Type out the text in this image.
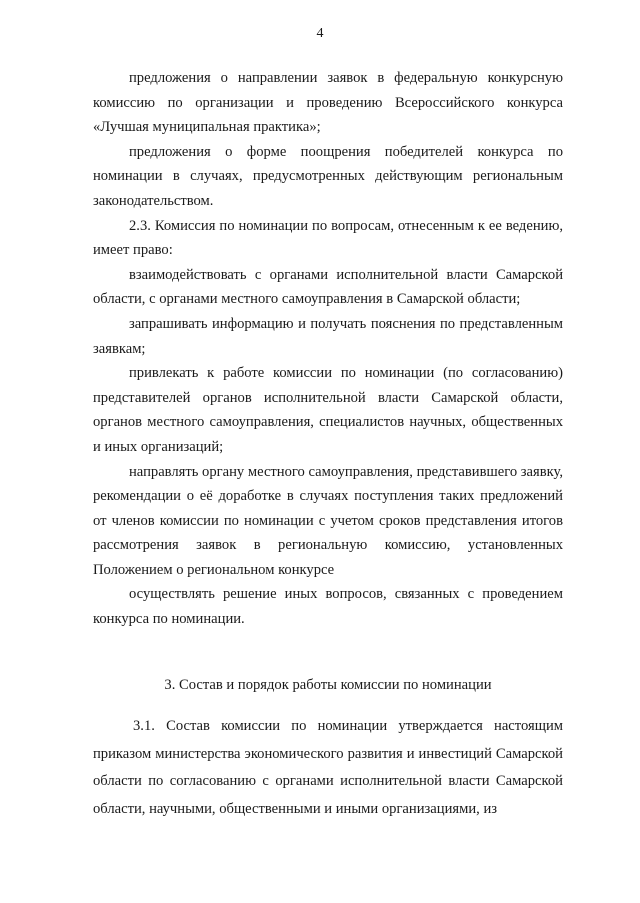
4

предложения о направлении заявок в федеральную конкурсную комиссию по организации и проведению Всероссийского конкурса «Лучшая муниципальная практика»;

предложения о форме поощрения победителей конкурса по номинации в случаях, предусмотренных действующим региональным законодательством.

2.3. Комиссия по номинации по вопросам, отнесенным к ее ведению, имеет право:

взаимодействовать с органами исполнительной власти Самарской области, с органами местного самоуправления в Самарской области;

запрашивать информацию и получать пояснения по представленным заявкам;

привлекать к работе комиссии по номинации (по согласованию) представителей органов исполнительной власти Самарской области, органов местного самоуправления, специалистов научных, общественных и иных организаций;

направлять органу местного самоуправления, представившего заявку, рекомендации о её доработке в случаях поступления таких предложений от членов комиссии по номинации с учетом сроков представления итогов рассмотрения заявок в региональную комиссию, установленных Положением о региональном конкурсе

осуществлять решение иных вопросов, связанных с проведением конкурса по номинации.

3. Состав и порядок работы комиссии по номинации

3.1. Состав комиссии по номинации утверждается настоящим приказом министерства экономического развития и инвестиций Самарской области по согласованию с органами исполнительной власти Самарской области, научными, общественными и иными организациями, из
